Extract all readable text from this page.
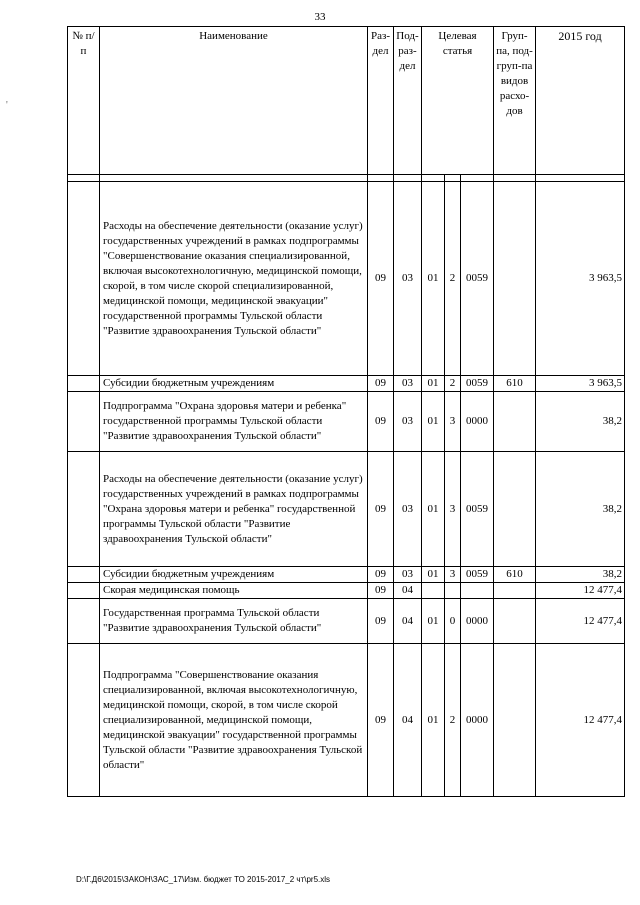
33
'
№ п/п	Наименование	Раз-дел	Под-раз-дел	Целевая статья			Груп-па, под-груп-па видов расхо-дов	2015 год

	Расходы на обеспечение деятельности (оказание услуг) государственных учреждений в рамках подпрограммы "Совершенствование оказания специализированной, включая высокотехнологичную, медицинской помощи, скорой, в том числе скорой специализированной, медицинской помощи, медицинской эвакуации" государственной программы Тульской области "Развитие здравоохранения Тульской области"	09	03	01	2	0059		3 963,5
	Субсидии бюджетным учреждениям	09	03	01	2	0059	610	3 963,5
	Подпрограмма "Охрана здоровья матери и ребенка" государственной программы Тульской области "Развитие здравоохранения Тульской области"	09	03	01	3	0000		38,2
	Расходы на обеспечение деятельности (оказание услуг) государственных учреждений в рамках подпрограммы "Охрана здоровья матери и ребенка" государственной программы Тульской области "Развитие здравоохранения Тульской области"	09	03	01	3	0059		38,2
	Субсидии бюджетным учреждениям	09	03	01	3	0059	610	38,2
	Скорая медицинская помощь	09	04					12 477,4
	Государственная программа Тульской области "Развитие здравоохранения Тульской области"	09	04	01	0	0000		12 477,4
	Подпрограмма "Совершенствование оказания специализированной, включая высокотехнологичную, медицинской помощи, скорой, в том числе скорой специализированной, медицинской помощи, медицинской эвакуации" государственной программы Тульской области "Развитие здравоохранения Тульской области"	09	04	01	2	0000		12 477,4
D:\Г.Д6\2015\ЗАКОН\ЗАС_17\Изм. бюджет ТО 2015-2017_2 чт\pr5.xls
